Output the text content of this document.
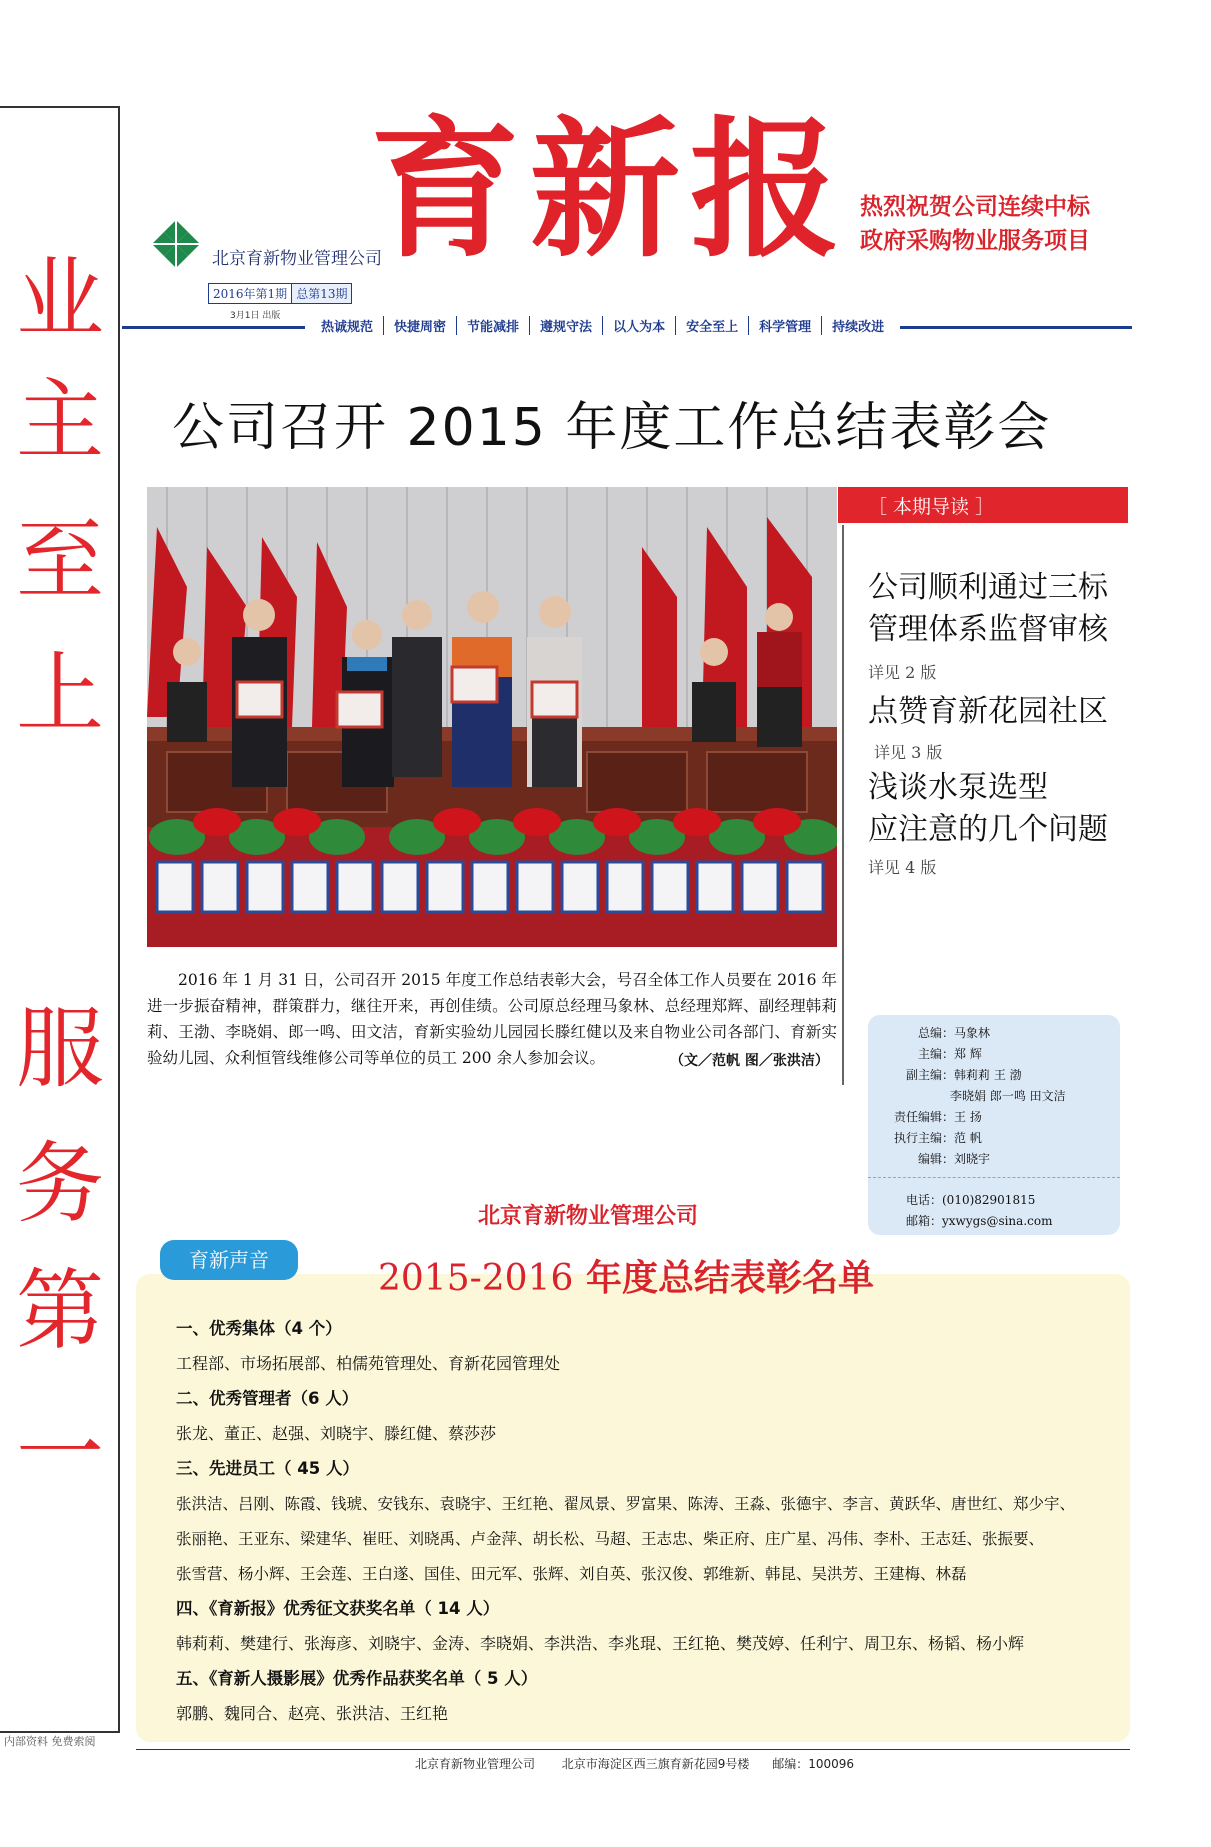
业
主
至
上
服
务
第
一
内部资料 免费索阅
北京育新物业管理公司
2016年第1期 总第13期
3月1日 出版
育新报 热烈祝贺公司连续中标
政府采购物业服务项目
热诚规范	快捷周密	节能减排	遵规守法	以人为本	安全至上	科学管理	持续改进
公司召开 2015 年度工作总结表彰会
2016 年 1 月 31 日，公司召开 2015 年度工作总结表彰大会，号召全体工作人员要在 2016 年进一步振奋精神，群策群力，继往开来，再创佳绩。公司原总经理马象林、总经理郑辉、副经理韩莉莉、王渤、李晓娟、郎一鸣、田文洁，育新实验幼儿园园长滕红健以及来自物业公司各部门、育新实验幼儿园、众利恒管线维修公司等单位的员工 200 余人参加会议。	（文／范帆 图／张洪洁）
［ 本期导读 ］
公司顺利通过三标
管理体系监督审核
详见 2 版
点赞育新花园社区
详见 3 版
浅谈水泵选型
应注意的几个问题
详见 4 版
总编：马象林
主编：郑 辉
副主编：韩莉莉 王 渤
李晓娟 郎一鸣 田文洁
责任编辑：王 扬
执行主编：范 帆
编辑：刘晓宇
电话：(010)82901815
邮箱：yxwygs@sina.com
北京育新物业管理公司
育新声音	2015-2016 年度总结表彰名单
一、优秀集体（4 个）
工程部、市场拓展部、柏儒苑管理处、育新花园管理处
二、优秀管理者（6 人）
张龙、董正、赵强、刘晓宇、滕红健、蔡莎莎
三、先进员工（ 45 人）
张洪洁、吕刚、陈霞、钱琥、安钱东、袁晓宇、王红艳、翟凤景、罗富果、陈涛、王淼、张德宇、李言、黄跃华、唐世红、郑少宇、
张丽艳、王亚东、梁建华、崔旺、刘晓禹、卢金萍、胡长松、马超、王志忠、柴正府、庄广星、冯伟、李朴、王志廷、张振要、
张雪营、杨小辉、王会莲、王白遂、国佳、田元军、张辉、刘自英、张汉俊、郭维新、韩昆、吴洪芳、王建梅、林磊
四、《育新报》优秀征文获奖名单（ 14 人）
韩莉莉、樊建行、张海彦、刘晓宇、金涛、李晓娟、李洪浩、李兆琨、王红艳、樊茂婷、任利宁、周卫东、杨韬、杨小辉
五、《育新人摄影展》优秀作品获奖名单（ 5 人）
郭鹏、魏同合、赵亮、张洪洁、王红艳
北京育新物业管理公司 北京市海淀区西三旗育新花园9号楼 邮编：100096
